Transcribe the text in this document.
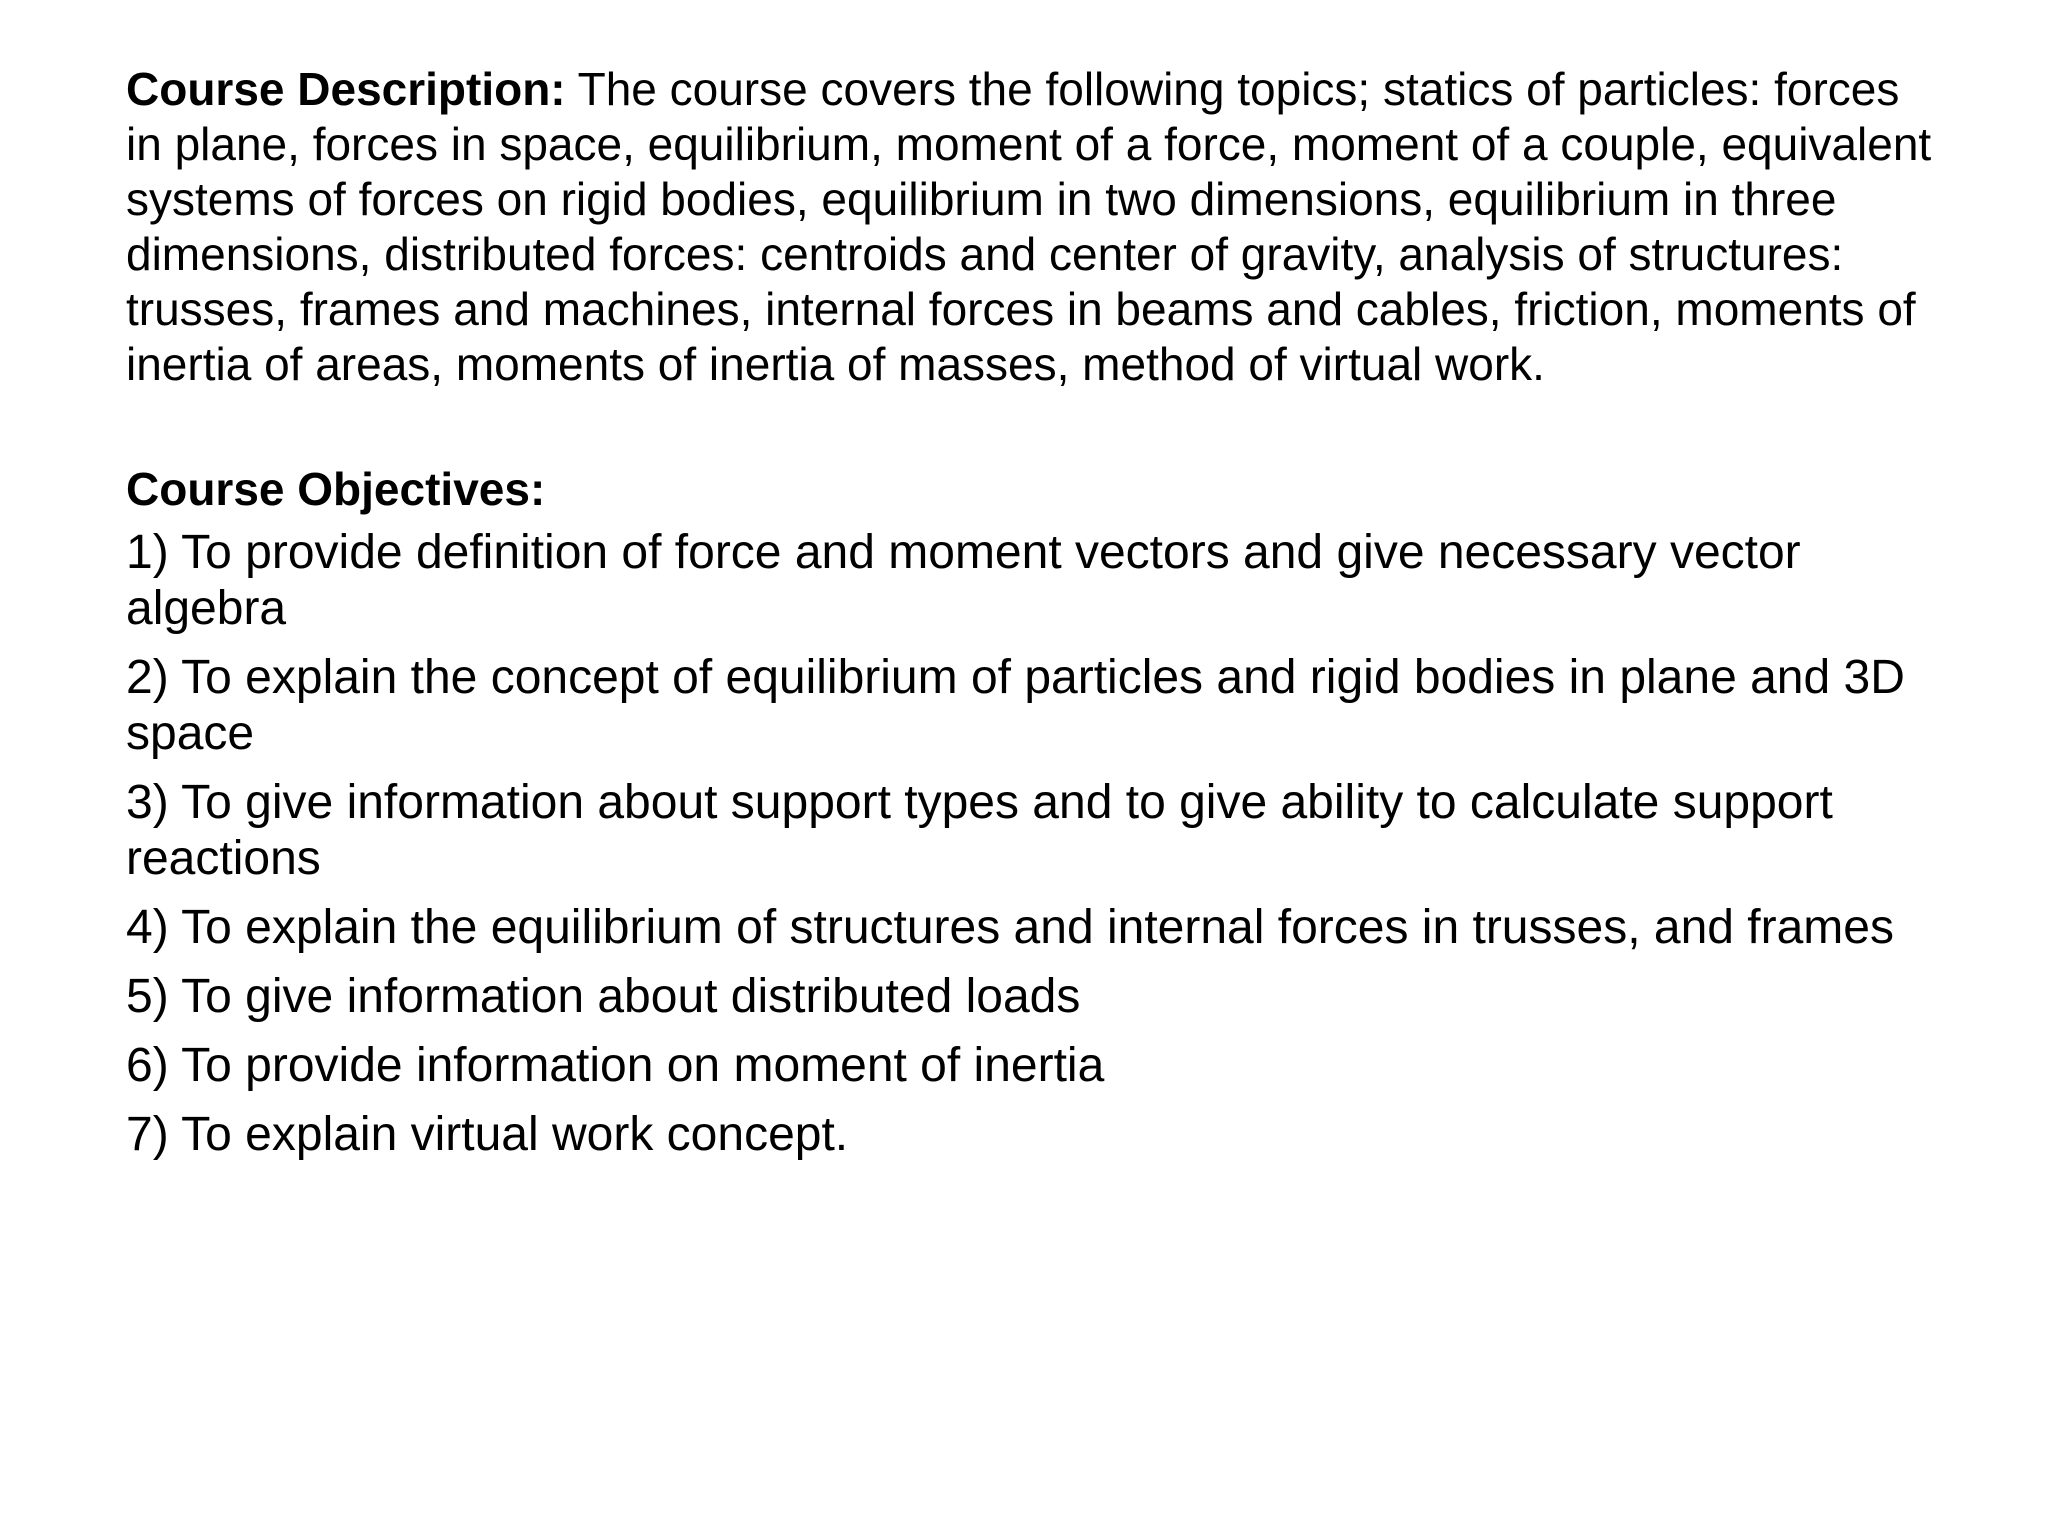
Course Description: The course covers the following topics; statics of particles: forces in plane, forces in space, equilibrium, moment of a force, moment of a couple, equivalent systems of forces on rigid bodies, equilibrium in two dimensions, equilibrium in three dimensions, distributed forces: centroids and center of gravity, analysis of structures: trusses, frames and machines, internal forces in beams and cables, friction, moments of inertia of areas, moments of inertia of masses, method of virtual work.

Course Objectives:
1) To provide definition of force and moment vectors and give necessary vector algebra
2) To explain the concept of equilibrium of particles and rigid bodies in plane and 3D space
3) To give information about support types and to give ability to calculate support reactions
4) To explain the equilibrium of structures and internal forces in trusses, and frames
5) To give information about distributed loads
6) To provide information on moment of inertia
7) To explain virtual work concept.
